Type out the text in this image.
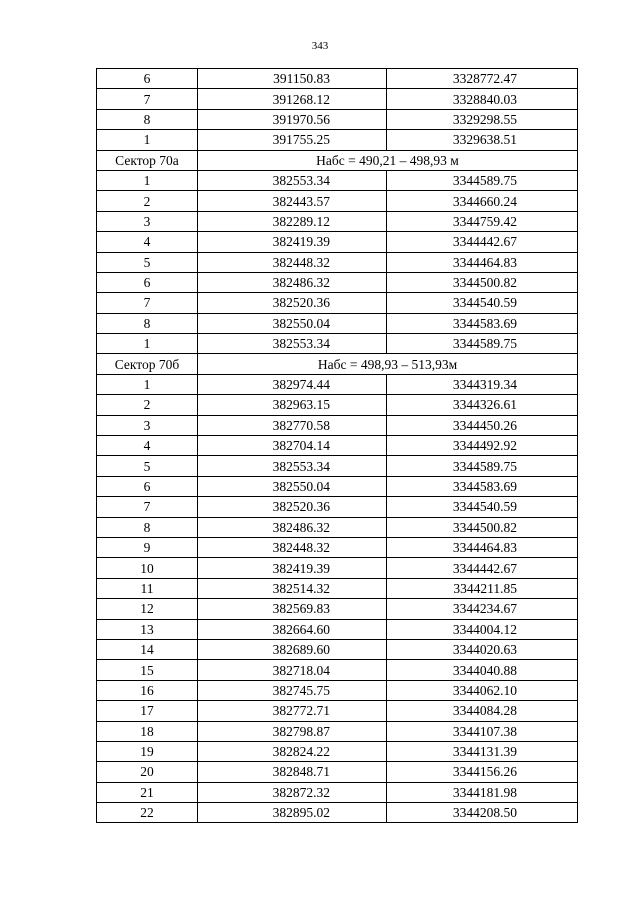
343
6	391150.83	3328772.47
7	391268.12	3328840.03
8	391970.56	3329298.55
1	391755.25	3329638.51
Сектор 70а	Набс = 490,21 – 498,93 м	
1	382553.34	3344589.75
2	382443.57	3344660.24
3	382289.12	3344759.42
4	382419.39	3344442.67
5	382448.32	3344464.83
6	382486.32	3344500.82
7	382520.36	3344540.59
8	382550.04	3344583.69
1	382553.34	3344589.75
Сектор 70б	Набс = 498,93 – 513,93м	
1	382974.44	3344319.34
2	382963.15	3344326.61
3	382770.58	3344450.26
4	382704.14	3344492.92
5	382553.34	3344589.75
6	382550.04	3344583.69
7	382520.36	3344540.59
8	382486.32	3344500.82
9	382448.32	3344464.83
10	382419.39	3344442.67
11	382514.32	3344211.85
12	382569.83	3344234.67
13	382664.60	3344004.12
14	382689.60	3344020.63
15	382718.04	3344040.88
16	382745.75	3344062.10
17	382772.71	3344084.28
18	382798.87	3344107.38
19	382824.22	3344131.39
20	382848.71	3344156.26
21	382872.32	3344181.98
22	382895.02	3344208.50
